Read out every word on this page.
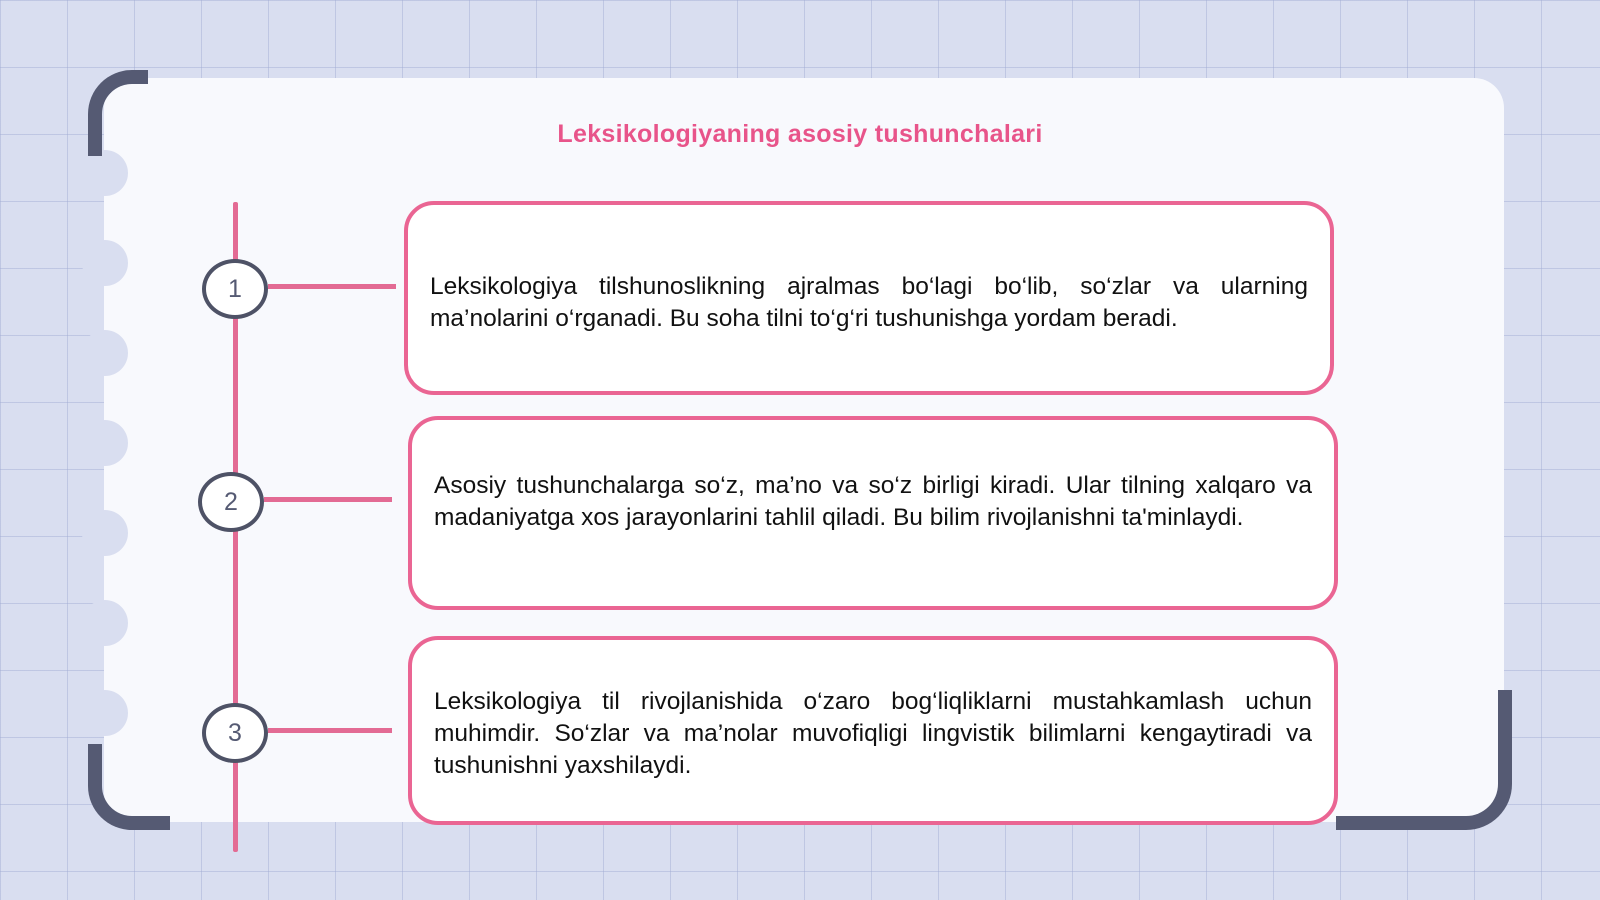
Leksikologiyaning asosiy tushunchalari
1
2
3

Leksikologiya tilshunoslikning ajralmas bo‘lagi bo‘lib, so‘zlar va ularning ma’nolarini o‘rganadi. Bu soha tilni to‘g‘ri tushunishga yordam beradi.

Asosiy tushunchalarga so‘z, ma’no va so‘z birligi kiradi. Ular tilning xalqaro va madaniyatga xos jarayonlarini tahlil qiladi. Bu bilim rivojlanishni ta'minlaydi.

Leksikologiya til rivojlanishida o‘zaro bog‘liqliklarni mustahkamlash uchun muhimdir. So‘zlar va ma’nolar muvofiqligi lingvistik bilimlarni kengaytiradi va tushunishni yaxshilaydi.
